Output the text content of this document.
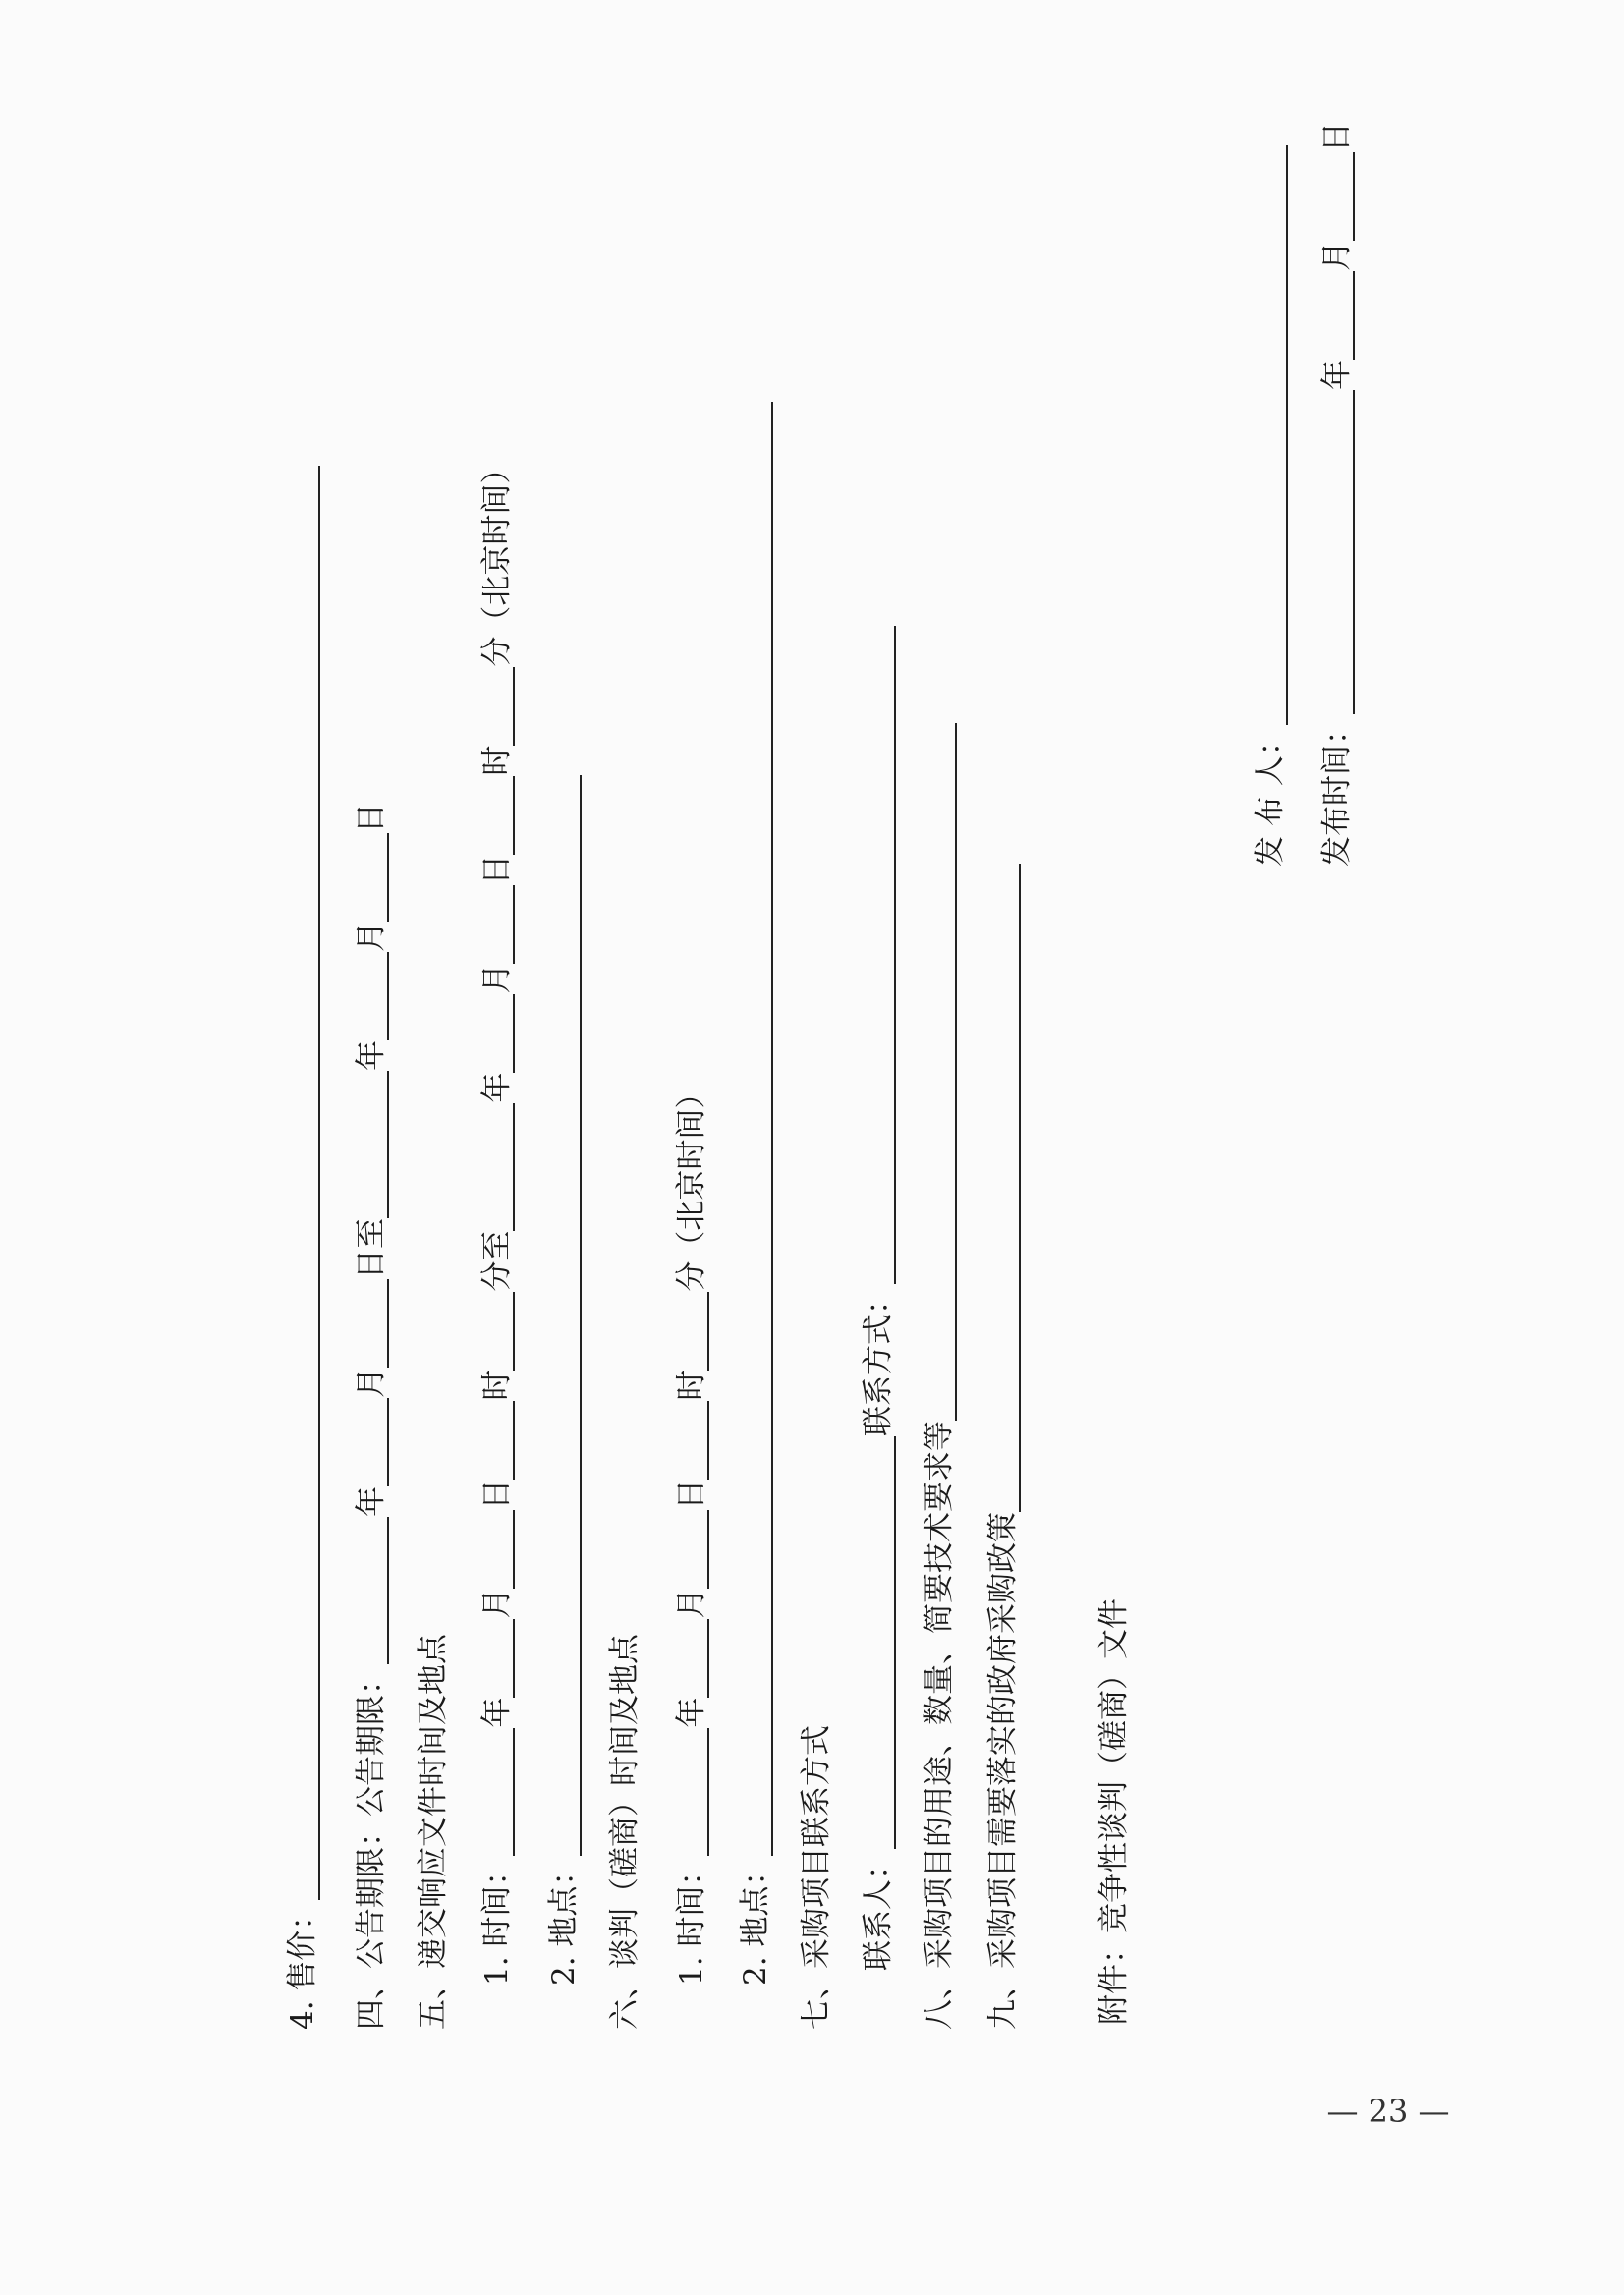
4. 售价： 四、公告期限：公告期限：
年
月
日
至
年
月
日
五、递交响应文件时间及地点 1. 时间：
年
月
日
时
分至
年
月
日
时
分
（北京时间）
2. 地点： 六、谈判（磋商）时间及地点 1. 时间：
年
月
日
时
分
（北京时间）
2. 地点： 七、采购项目联系方式 联系人：
联系方式：
八、采购项目的用途、数量、简要技术要求等 九、采购项目需要落实的政府采购政策 附件：竞争性谈判（磋商）文件
发 布 人： 发布时间：
年
月
日
— 23 —
